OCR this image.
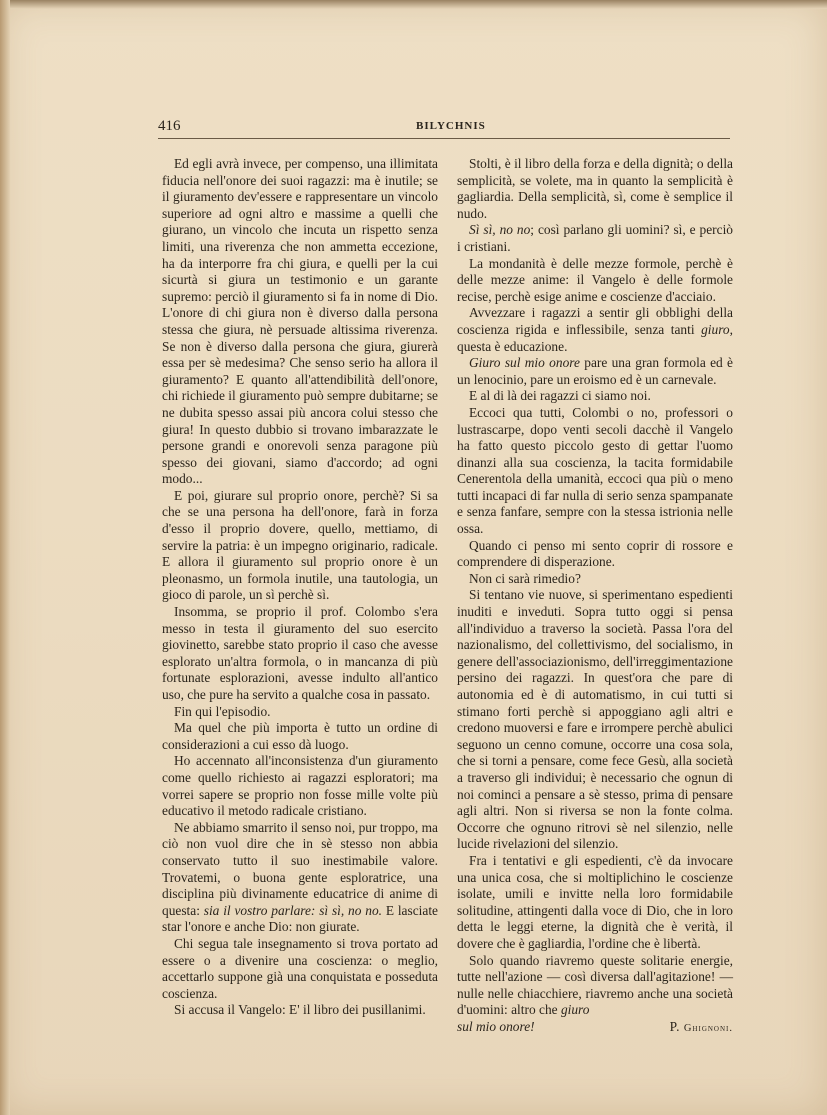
416	BILYCHNIS

Ed egli avrà invece, per compenso, una illimitata fiducia nell'onore dei suoi ragazzi: ma è inutile; se il giuramento dev'essere e rappresentare un vincolo superiore ad ogni altro e massime a quelli che giurano, un vincolo che incuta un rispetto senza limiti, una riverenza che non ammetta eccezione, ha da interporre fra chi giura, e quelli per la cui sicurtà si giura un testimonio e un garante supremo: perciò il giuramento si fa in nome di Dio. L'onore di chi giura non è diverso dalla persona stessa che giura, nè persuade altissima riverenza. Se non è diverso dalla persona che giura, giurerà essa per sè medesima? Che senso serio ha allora il giuramento? E quanto all'attendibilità dell'onore, chi richiede il giuramento può sempre dubitarne; se ne dubita spesso assai più ancora colui stesso che giura! In questo dubbio si trovano imbarazzate le persone grandi e onorevoli senza paragone più spesso dei giovani, siamo d'accordo; ad ogni modo...

E poi, giurare sul proprio onore, perchè? Si sa che se una persona ha dell'onore, farà in forza d'esso il proprio dovere, quello, mettiamo, di servire la patria: è un impegno originario, radicale. E allora il giuramento sul proprio onore è un pleonasmo, un formola inutile, una tautologia, un gioco di parole, un sì perchè sì.

Insomma, se proprio il prof. Colombo s'era messo in testa il giuramento del suo esercito giovinetto, sarebbe stato proprio il caso che avesse esplorato un'altra formola, o in mancanza di più fortunate esplorazioni, avesse indulto all'antico uso, che pure ha servito a qualche cosa in passato.

Fin qui l'episodio.

Ma quel che più importa è tutto un ordine di considerazioni a cui esso dà luogo.

Ho accennato all'inconsistenza d'un giuramento come quello richiesto ai ragazzi esploratori; ma vorrei sapere se proprio non fosse mille volte più educativo il metodo radicale cristiano.

Ne abbiamo smarrito il senso noi, pur troppo, ma ciò non vuol dire che in sè stesso non abbia conservato tutto il suo inestimabile valore. Trovatemi, o buona gente esploratrice, una disciplina più divinamente educatrice di anime di questa: sia il vostro parlare: sì sì, no no. E lasciate star l'onore e anche Dio: non giurate.

Chi segua tale insegnamento si trova portato ad essere o a divenire una coscienza: o meglio, accettarlo suppone già una conquistata e posseduta coscienza.

Si accusa il Vangelo: E' il libro dei pusillanimi.

Stolti, è il libro della forza e della dignità; o della semplicità, se volete, ma in quanto la semplicità è gagliardia. Della semplicità, sì, come è semplice il nudo.

Sì sì, no no; così parlano gli uomini? sì, e perciò i cristiani.

La mondanità è delle mezze formole, perchè è delle mezze anime: il Vangelo è delle formole recise, perchè esige anime e coscienze d'acciaio.

Avvezzare i ragazzi a sentir gli obblighi della coscienza rigida e inflessibile, senza tanti giuro, questa è educazione.

Giuro sul mio onore pare una gran formola ed è un lenocinio, pare un eroismo ed è un carnevale.

E al di là dei ragazzi ci siamo noi.

Eccoci qua tutti, Colombi o no, professori o lustrascarpe, dopo venti secoli dacchè il Vangelo ha fatto questo piccolo gesto di gettar l'uomo dinanzi alla sua coscienza, la tacita formidabile Cenerentola della umanità, eccoci qua più o meno tutti incapaci di far nulla di serio senza spampanate e senza fanfare, sempre con la stessa istrionia nelle ossa.

Quando ci penso mi sento coprir di rossore e comprendere di disperazione.

Non ci sarà rimedio?

Si tentano vie nuove, si sperimentano espedienti inuditi e inveduti. Sopra tutto oggi si pensa all'individuo a traverso la società. Passa l'ora del nazionalismo, del collettivismo, del socialismo, in genere dell'associazionismo, dell'irreggimentazione persino dei ragazzi. In quest'ora che pare di autonomia ed è di automatismo, in cui tutti si stimano forti perchè si appoggiano agli altri e credono muoversi e fare e irrompere perchè abulici seguono un cenno comune, occorre una cosa sola, che si torni a pensare, come fece Gesù, alla società a traverso gli individui; è necessario che ognun di noi cominci a pensare a sè stesso, prima di pensare agli altri. Non si riversa se non la fonte colma. Occorre che ognuno ritrovi sè nel silenzio, nelle lucide rivelazioni del silenzio.

Fra i tentativi e gli espedienti, c'è da invocare una unica cosa, che si moltiplichino le coscienze isolate, umili e invitte nella loro formidabile solitudine, attingenti dalla voce di Dio, che in loro detta le leggi eterne, la dignità che è verità, il dovere che è gagliardia, l'ordine che è libertà.

Solo quando riavremo queste solitarie energie, tutte nell'azione — così diversa dall'agitazione! — nulle nelle chiacchiere, riavremo anche una società d'uomini: altro che giuro

sul mio onore!	P. Ghignoni.
